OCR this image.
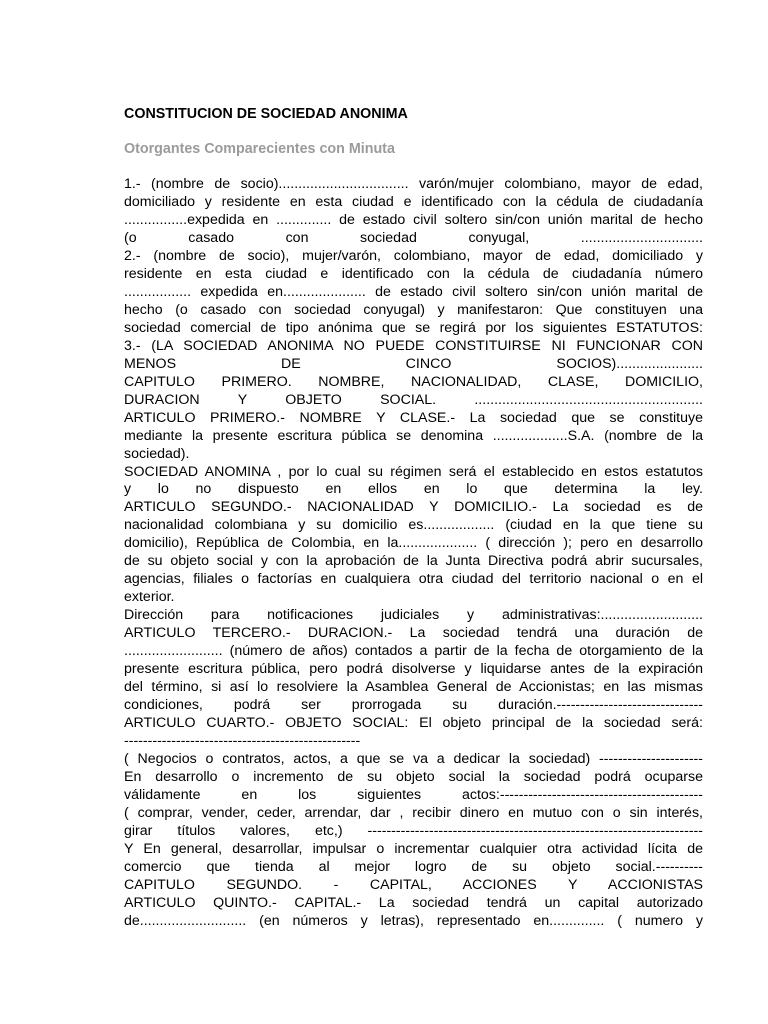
CONSTITUCION DE SOCIEDAD ANONIMA
Otorgantes Comparecientes con Minuta
1.- (nombre de socio)................................. varón/mujer colombiano, mayor de edad,
domiciliado y residente en esta ciudad e identificado con la cédula de ciudadanía
................expedida en .............. de estado civil soltero sin/con unión marital de hecho
(o casado con sociedad conyugal, ...............................
2.- (nombre de socio), mujer/varón, colombiano, mayor de edad, domiciliado y
residente en esta ciudad e identificado con la cédula de ciudadanía número
................. expedida en..................... de estado civil soltero sin/con unión marital de
hecho (o casado con sociedad conyugal) y manifestaron: Que constituyen una
sociedad comercial de tipo anónima que se regirá por los siguientes ESTATUTOS:
3.- (LA SOCIEDAD ANONIMA NO PUEDE CONSTITUIRSE NI FUNCIONAR CON
MENOS DE CINCO SOCIOS)......................
CAPITULO PRIMERO. NOMBRE, NACIONALIDAD, CLASE, DOMICILIO,
DURACION Y OBJETO SOCIAL. ..........................................................
ARTICULO PRIMERO.- NOMBRE Y CLASE.- La sociedad que se constituye
mediante la presente escritura pública se denomina ...................S.A. (nombre de la
sociedad).
SOCIEDAD ANOMINA , por lo cual su régimen será el establecido en estos estatutos
y lo no dispuesto en ellos en lo que determina la ley.
ARTICULO SEGUNDO.- NACIONALIDAD Y DOMICILIO.- La sociedad es de
nacionalidad colombiana y su domicilio es.................. (ciudad en la que tiene su
domicilio), República de Colombia, en la.................... ( dirección ); pero en desarrollo
de su objeto social y con la aprobación de la Junta Directiva podrá abrir sucursales,
agencias, filiales o factorías en cualquiera otra ciudad del territorio nacional o en el
exterior.
Dirección para notificaciones judiciales y administrativas:..........................
ARTICULO TERCERO.- DURACION.- La sociedad tendrá una duración de
......................... (número de años) contados a partir de la fecha de otorgamiento de la
presente escritura pública, pero podrá disolverse y liquidarse antes de la expiración
del término, si así lo resolviere la Asamblea General de Accionistas; en las mismas
condiciones, podrá ser prorrogada su duración.-------------------------------
ARTICULO CUARTO.- OBJETO SOCIAL: El objeto principal de la sociedad será:
--------------------------------------------------
( Negocios o contratos, actos, a que se va a dedicar la sociedad) ----------------------
En desarrollo o incremento de su objeto social la sociedad podrá ocuparse
válidamente en los siguientes actos:-------------------------------------------
( comprar, vender, ceder, arrendar, dar , recibir dinero en mutuo con o sin interés,
girar títulos valores, etc,) -----------------------------------------------------------------------
Y En general, desarrollar, impulsar o incrementar cualquier otra actividad lícita de
comercio que tienda al mejor logro de su objeto social.----------
CAPITULO SEGUNDO. - CAPITAL, ACCIONES Y ACCIONISTAS
ARTICULO QUINTO.- CAPITAL.- La sociedad tendrá un capital autorizado
de........................... (en números y letras), representado en.............. ( numero y
